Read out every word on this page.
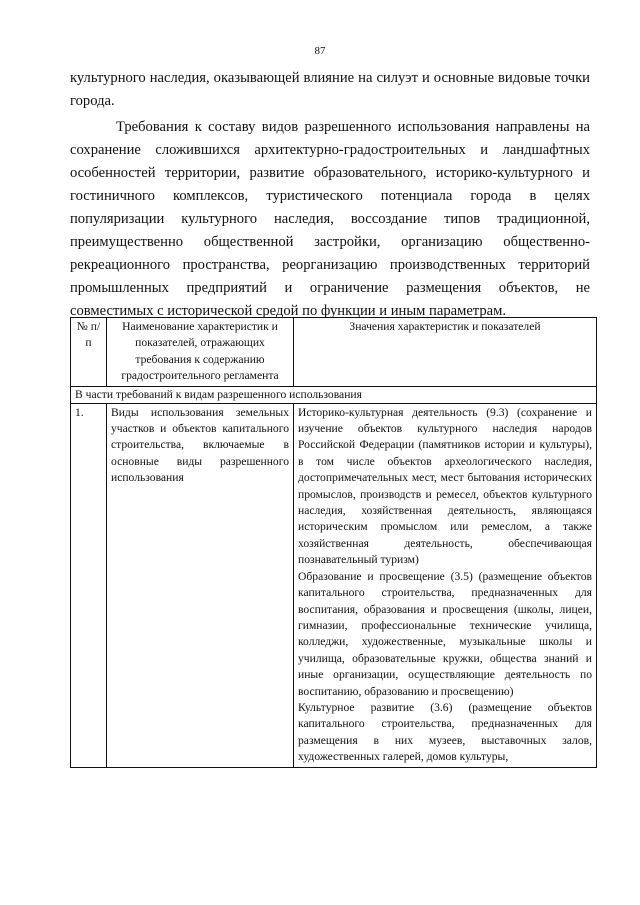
87

культурного наследия, оказывающей влияние на силуэт и основные видовые точки города.

Требования к составу видов разрешенного использования направлены на сохранение сложившихся архитектурно-градостроительных и ландшафтных особенностей территории, развитие образовательного, историко-культурного и гостиничного комплексов, туристического потенциала города в целях популяризации культурного наследия, воссоздание типов традиционной, преимущественно общественной застройки, организацию общественно-рекреационного пространства, реорганизацию производственных территорий промышленных предприятий и ограничение размещения объектов, не совместимых с исторической средой по функции и иным параметрам.

№ п/п	Наименование характеристик и показателей, отражающих требования к содержанию градостроительного регламента	Значения характеристик и показателей
В части требований к видам разрешенного использования		
1.	Виды использования земельных участков и объектов капитального строительства, включаемые в основные виды разрешенного использования	Историко-культурная деятельность (9.3) (сохранение и изучение объектов культурного наследия народов Российской Федерации (памятников истории и культуры), в том числе объектов археологического наследия, достопримечательных мест, мест бытования исторических промыслов, производств и ремесел, объектов культурного наследия, хозяйственная деятельность, являющаяся историческим промыслом или ремеслом, а также хозяйственная деятельность, обеспечивающая познавательный туризм)

Образование и просвещение (3.5) (размещение объектов капитального строительства, предназначенных для воспитания, образования и просвещения (школы, лицеи, гимназии, профессиональные технические училища, колледжи, художественные, музыкальные школы и училища, образовательные кружки, общества знаний и иные организации, осуществляющие деятельность по воспитанию, образованию и просвещению)

Культурное развитие (3.6) (размещение объектов капитального строительства, предназначенных для размещения в них музеев, выставочных залов, художественных галерей, домов культуры,
